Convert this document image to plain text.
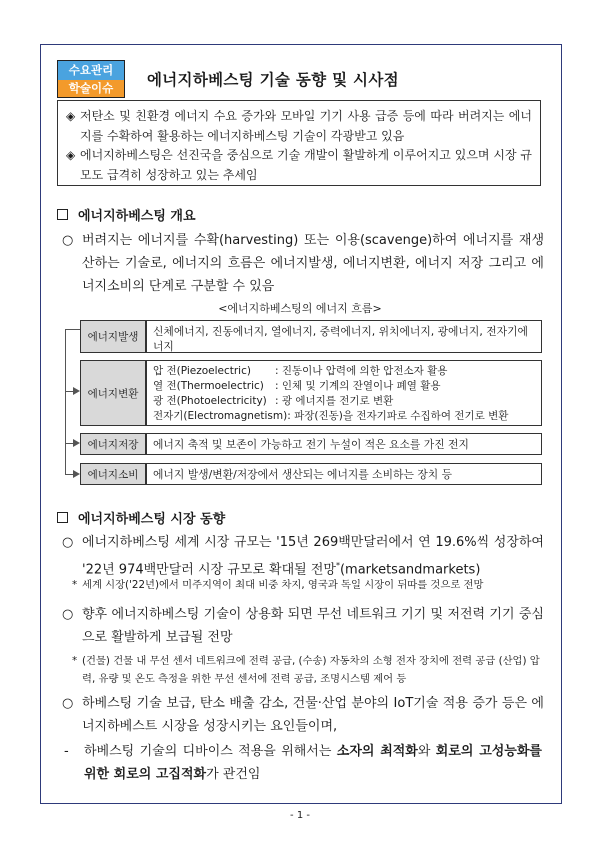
수요관리
학술이슈	에너지하베스팅 기술 동향 및 시사점
◈ 저탄소 및 친환경 에너지 수요 증가와 모바일 기기 사용 급증 등에 따라 버려지는 에너지를 수확하여 활용하는 에너지하베스팅 기술이 각광받고 있음
◈ 에너지하베스팅은 선진국을 중심으로 기술 개발이 활발하게 이루어지고 있으며 시장 규모도 급격히 성장하고 있는 추세임
에너지하베스팅 개요
○ 버려지는 에너지를 수확(harvesting) 또는 이용(scavenge)하여 에너지를 재생산하는 기술로, 에너지의 흐름은 에너지발생, 에너지변환, 에너지 저장 그리고 에너지소비의 단계로 구분할 수 있음
<에너지하베스팅의 에너지 흐름>
에너지발생	신체에너지, 진동에너지, 열에너지, 중력에너지, 위치에너지, 광에너지, 전자기에너지
에너지변환
압 전(Piezoelectric)	: 진동이나 압력에 의한 압전소자 활용
열 전(Thermoelectric)	: 인체 및 기계의 잔열이나 폐열 활용
광 전(Photoelectricity) : 광 에너지를 전기로 변환
전자기(Electromagnetism) : 파장(진동)을 전자기파로 수집하여 전기로 변환
에너지저장	에너지 축적 및 보존이 가능하고 전기 누설이 적은 요소를 가진 전지
에너지소비	에너지 발생/변환/저장에서 생산되는 에너지를 소비하는 장치 등
에너지하베스팅 시장 동향
○ 에너지하베스팅 세계 시장 규모는 '15년 269백만달러에서 연 19.6%씩 성장하여 '22년 974백만달러 시장 규모로 확대될 전망*(marketsandmarkets)
* 세계 시장('22년)에서 미주지역이 최대 비중 차지, 영국과 독일 시장이 뒤따를 것으로 전망
○ 향후 에너지하베스팅 기술이 상용화 되면 무선 네트워크 기기 및 저전력 기기 중심으로 활발하게 보급될 전망
* (건물) 건물 내 무선 센서 네트워크에 전력 공급, (수송) 자동차의 소형 전자 장치에 전력 공급 (산업) 압력, 유량 및 온도 측정을 위한 무선 센서에 전력 공급, 조명시스템 제어 등
○ 하베스팅 기술 보급, 탄소 배출 감소, 건물·산업 분야의 IoT기술 적용 증가 등은 에너지하베스트 시장을 성장시키는 요인들이며,
-	하베스팅 기술의 디바이스 적용을 위해서는 소자의 최적화와 회로의 고성능화를 위한 회로의 고집적화가 관건임
- 1 -
